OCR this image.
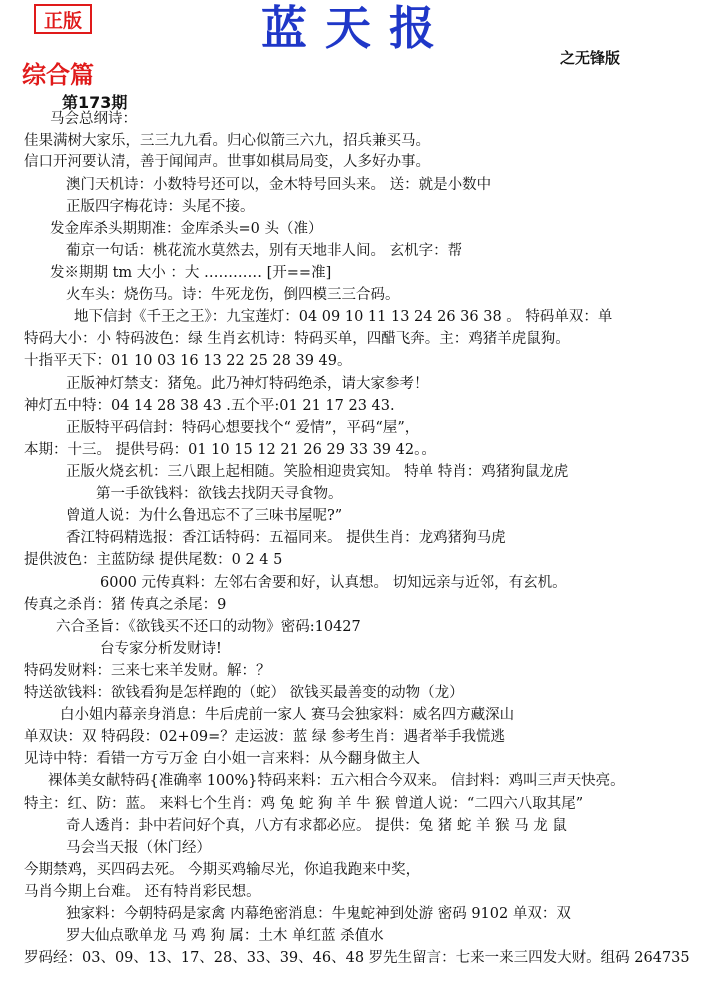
正版	蓝天报
之无锋版
综合篇
第173期
马会总纲诗：
佳果满树大家乐，三三九九看。归心似箭三六九，招兵兼买马。
信口开河要认清，善于闻闻声。世事如棋局局变，人多好办事。
澳门天机诗：小数特号还可以，金木特号回头来。 送：就是小数中
正版四字梅花诗：头尾不接。
发金库杀头期期准：金库杀头=0 头（准）
葡京一句话：桃花流水莫然去，别有天地非人间。 玄机字：帮
发※期期 tm 大小 ：大 ………… [开==准]
火车头：烧伤马。诗：牛死龙伤，倒四模三三合码。
地下信封《千王之王》：九宝莲灯：04 09 10 11 13 24 26 36 38 。 特码单双：单
特码大小：小 特码波色：绿 生肖玄机诗：特码买单，四醋飞奔。主：鸡猪羊虎鼠狗。
十指平天下：01 10 03 16 13 22 25 28 39 49。
正版神灯禁支：猪兔。此乃神灯特码绝杀，请大家参考！
神灯五中特：04 14 28 38 43 .五个平:01 21 17 23 43.
正版特平码信封：特码心想要找个“ 爱情”，平码“屋”，
本期：十三。 提供号码：01 10 15 12 21 26 29 33 39 42。。
正版火烧玄机：三八跟上起相随。笑脸相迎贵宾知。 特单 特肖：鸡猪狗鼠龙虎
第一手欲钱料：欲钱去找阴天寻食物。
曾道人说：为什么鲁迅忘不了三味书屋呢?”
香江特码精选报：香江话特码：五福同来。 提供生肖：龙鸡猪狗马虎
提供波色：主蓝防绿 提供尾数：0 2 4 5
6000 元传真料：左邻右舍要和好，认真想。 切知远亲与近邻，有玄机。
传真之杀肖：猪 传真之杀尾：9
六合圣旨：《欲钱买不还口的动物》密码:10427
台专家分析发财诗!
特码发财料：三来七来羊发财。解：？
特送欲钱料：欲钱看狗是怎样跑的（蛇） 欲钱买最善变的动物（龙）
白小姐内幕亲身消息：牛后虎前一家人 赛马会独家料：威名四方藏深山
单双诀：双 特码段：02+09=？走运波：蓝 绿 参考生肖：遇者举手我慌逃
见诗中特：看错一方亏万金 白小姐一言来料：从今翻身做主人
裸体美女献特码{准确率 100%}特码来料：五六相合今双来。 信封料：鸡叫三声天快亮。
特主：红、防：蓝。 来料七个生肖：鸡 兔 蛇 狗 羊 牛 猴 曾道人说：“二四六八取其尾”
奇人透肖：卦中若问好个真，八方有求都必应。 提供：兔 猪 蛇 羊 猴 马 龙 鼠
马会当天报（休门经）
今期禁鸡，买四码去死。 今期买鸡输尽光，你追我跑来中奖，
马肖今期上台难。 还有特肖彩民想。
独家料：今朝特码是家禽 内幕绝密消息：牛鬼蛇神到处游 密码 9102 单双：双
罗大仙点歌单龙 马 鸡 狗 属：土木 单红蓝 杀值水
罗码经：03、09、13、17、28、33、39、46、48 罗先生留言：七来一来三四发大财。组码 264735
